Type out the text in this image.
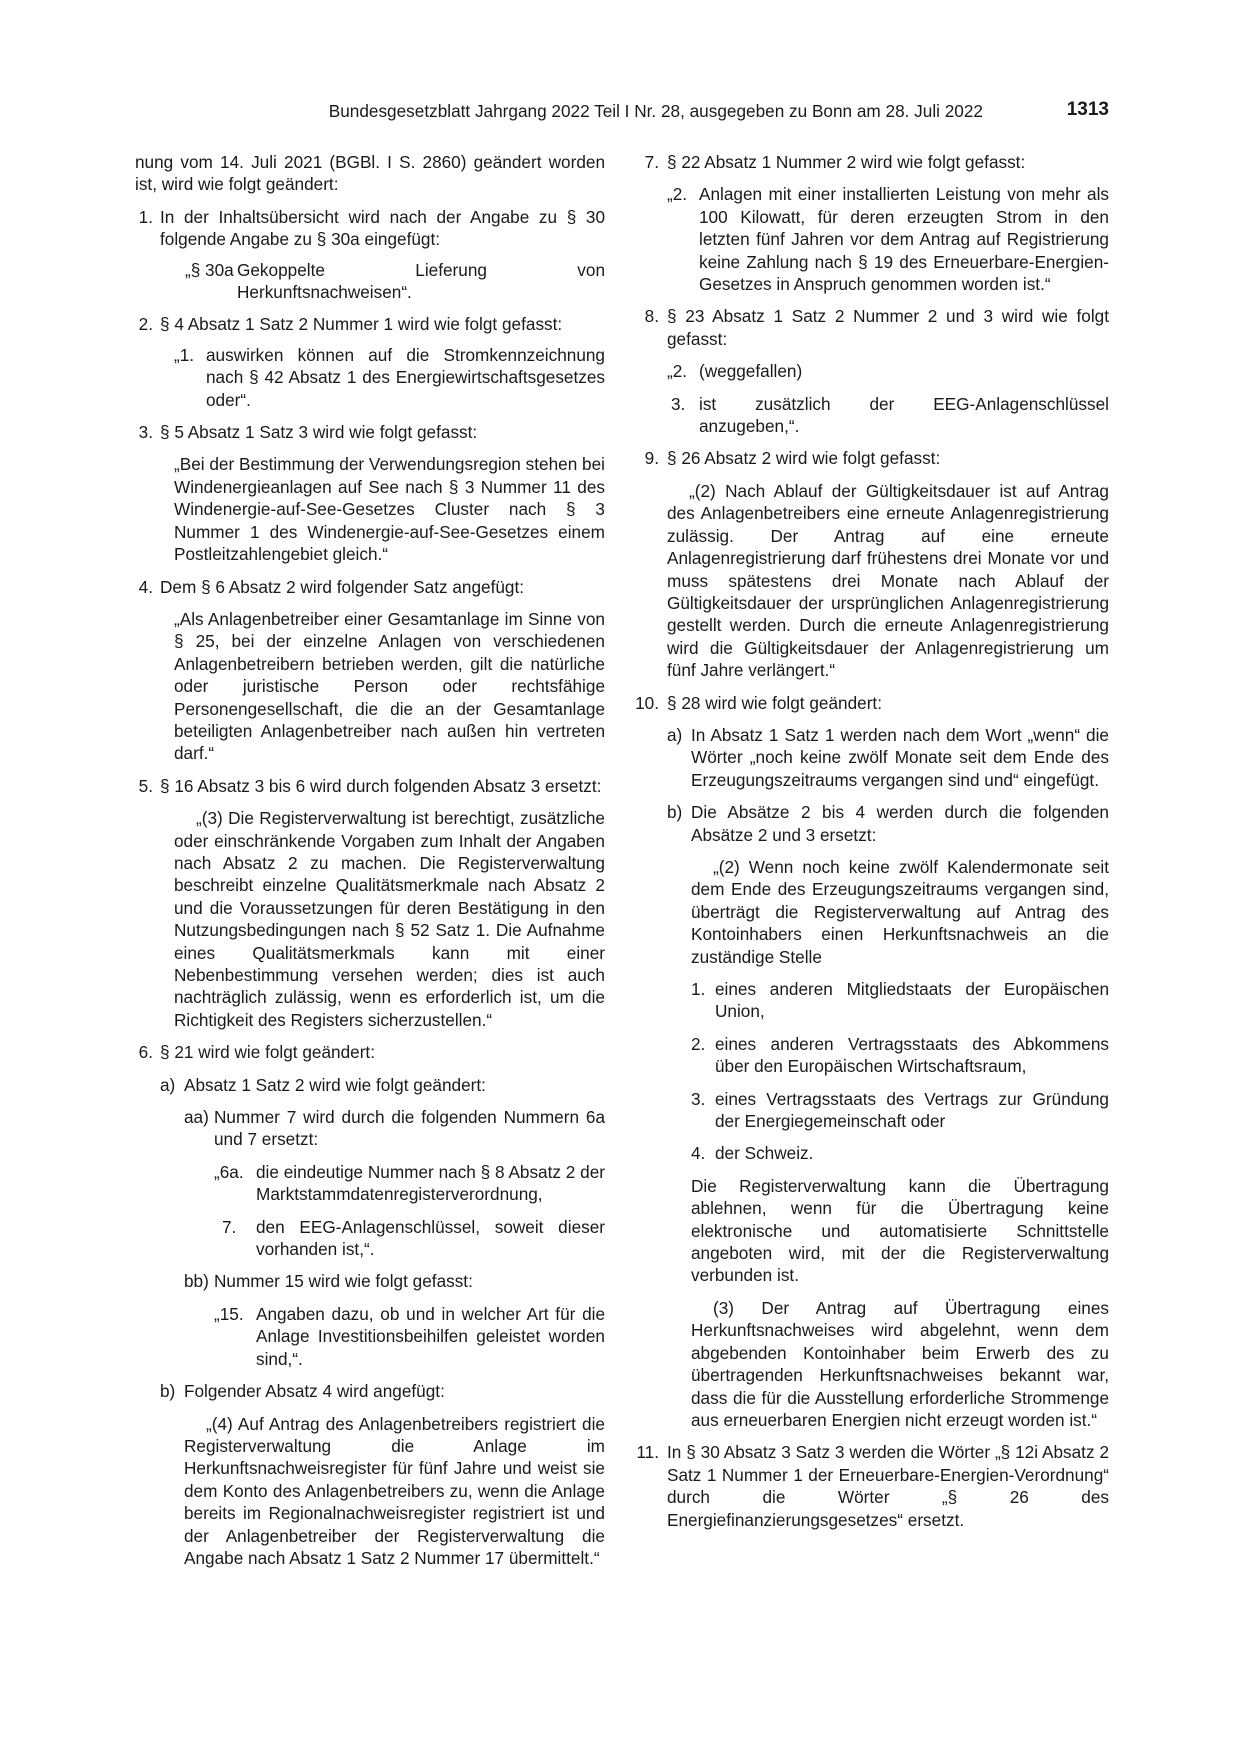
Bundesgesetzblatt Jahrgang 2022 Teil I Nr. 28, ausgegeben zu Bonn am 28. Juli 2022	1313

nung vom 14. Juli 2021 (BGBl. I S. 2860) geändert worden ist, wird wie folgt geändert:

1. In der Inhaltsübersicht wird nach der Angabe zu § 30 folgende Angabe zu § 30a eingefügt:

„§ 30a Gekoppelte Lieferung von Herkunftsnachweisen“.

2. § 4 Absatz 1 Satz 2 Nummer 1 wird wie folgt gefasst:

„1. auswirken können auf die Stromkennzeichnung nach § 42 Absatz 1 des Energiewirtschaftsgesetzes oder“.

3. § 5 Absatz 1 Satz 3 wird wie folgt gefasst:

„Bei der Bestimmung der Verwendungsregion stehen bei Windenergieanlagen auf See nach § 3 Nummer 11 des Windenergie-auf-See-Gesetzes Cluster nach § 3 Nummer 1 des Windenergie-auf-See-Gesetzes einem Postleitzahlengebiet gleich.“

4. Dem § 6 Absatz 2 wird folgender Satz angefügt:

„Als Anlagenbetreiber einer Gesamtanlage im Sinne von § 25, bei der einzelne Anlagen von verschiedenen Anlagenbetreibern betrieben werden, gilt die natürliche oder juristische Person oder rechtsfähige Personengesellschaft, die die an der Gesamtanlage beteiligten Anlagenbetreiber nach außen hin vertreten darf.“

5. § 16 Absatz 3 bis 6 wird durch folgenden Absatz 3 ersetzt:

„(3) Die Registerverwaltung ist berechtigt, zusätzliche oder einschränkende Vorgaben zum Inhalt der Angaben nach Absatz 2 zu machen. Die Registerverwaltung beschreibt einzelne Qualitätsmerkmale nach Absatz 2 und die Voraussetzungen für deren Bestätigung in den Nutzungsbedingungen nach § 52 Satz 1. Die Aufnahme eines Qualitätsmerkmals kann mit einer Nebenbestimmung versehen werden; dies ist auch nachträglich zulässig, wenn es erforderlich ist, um die Richtigkeit des Registers sicherzustellen.“

6. § 21 wird wie folgt geändert:

a) Absatz 1 Satz 2 wird wie folgt geändert:

aa) Nummer 7 wird durch die folgenden Nummern 6a und 7 ersetzt:

„6a. die eindeutige Nummer nach § 8 Absatz 2 der Marktstammdatenregisterverordnung,

7. den EEG-Anlagenschlüssel, soweit dieser vorhanden ist,“.

bb) Nummer 15 wird wie folgt gefasst:

„15. Angaben dazu, ob und in welcher Art für die Anlage Investitionsbeihilfen geleistet worden sind,“.

b) Folgender Absatz 4 wird angefügt:

„(4) Auf Antrag des Anlagenbetreibers registriert die Registerverwaltung die Anlage im Herkunftsnachweisregister für fünf Jahre und weist sie dem Konto des Anlagenbetreibers zu, wenn die Anlage bereits im Regionalnachweisregister registriert ist und der Anlagenbetreiber der Registerverwaltung die Angabe nach Absatz 1 Satz 2 Nummer 17 übermittelt.“

7. § 22 Absatz 1 Nummer 2 wird wie folgt gefasst:

„2. Anlagen mit einer installierten Leistung von mehr als 100 Kilowatt, für deren erzeugten Strom in den letzten fünf Jahren vor dem Antrag auf Registrierung keine Zahlung nach § 19 des Erneuerbare-Energien-Gesetzes in Anspruch genommen worden ist.“

8. § 23 Absatz 1 Satz 2 Nummer 2 und 3 wird wie folgt gefasst:

„2. (weggefallen)

3. ist zusätzlich der EEG-Anlagenschlüssel anzugeben,“.

9. § 26 Absatz 2 wird wie folgt gefasst:

„(2) Nach Ablauf der Gültigkeitsdauer ist auf Antrag des Anlagenbetreibers eine erneute Anlagenregistrierung zulässig. Der Antrag auf eine erneute Anlagenregistrierung darf frühestens drei Monate vor und muss spätestens drei Monate nach Ablauf der Gültigkeitsdauer der ursprünglichen Anlagenregistrierung gestellt werden. Durch die erneute Anlagenregistrierung wird die Gültigkeitsdauer der Anlagenregistrierung um fünf Jahre verlängert.“

10. § 28 wird wie folgt geändert:

a) In Absatz 1 Satz 1 werden nach dem Wort „wenn“ die Wörter „noch keine zwölf Monate seit dem Ende des Erzeugungszeitraums vergangen sind und“ eingefügt.

b) Die Absätze 2 bis 4 werden durch die folgenden Absätze 2 und 3 ersetzt:

„(2) Wenn noch keine zwölf Kalendermonate seit dem Ende des Erzeugungszeitraums vergangen sind, überträgt die Registerverwaltung auf Antrag des Kontoinhabers einen Herkunftsnachweis an die zuständige Stelle

1. eines anderen Mitgliedstaats der Europäischen Union,

2. eines anderen Vertragsstaats des Abkommens über den Europäischen Wirtschaftsraum,

3. eines Vertragsstaats des Vertrags zur Gründung der Energiegemeinschaft oder

4. der Schweiz.

Die Registerverwaltung kann die Übertragung ablehnen, wenn für die Übertragung keine elektronische und automatisierte Schnittstelle angeboten wird, mit der die Registerverwaltung verbunden ist.

(3) Der Antrag auf Übertragung eines Herkunftsnachweises wird abgelehnt, wenn dem abgebenden Kontoinhaber beim Erwerb des zu übertragenden Herkunftsnachweises bekannt war, dass die für die Ausstellung erforderliche Strommenge aus erneuerbaren Energien nicht erzeugt worden ist.“

11. In § 30 Absatz 3 Satz 3 werden die Wörter „§ 12i Absatz 2 Satz 1 Nummer 1 der Erneuerbare-Energien-Verordnung“ durch die Wörter „§ 26 des Energiefinanzierungsgesetzes“ ersetzt.
